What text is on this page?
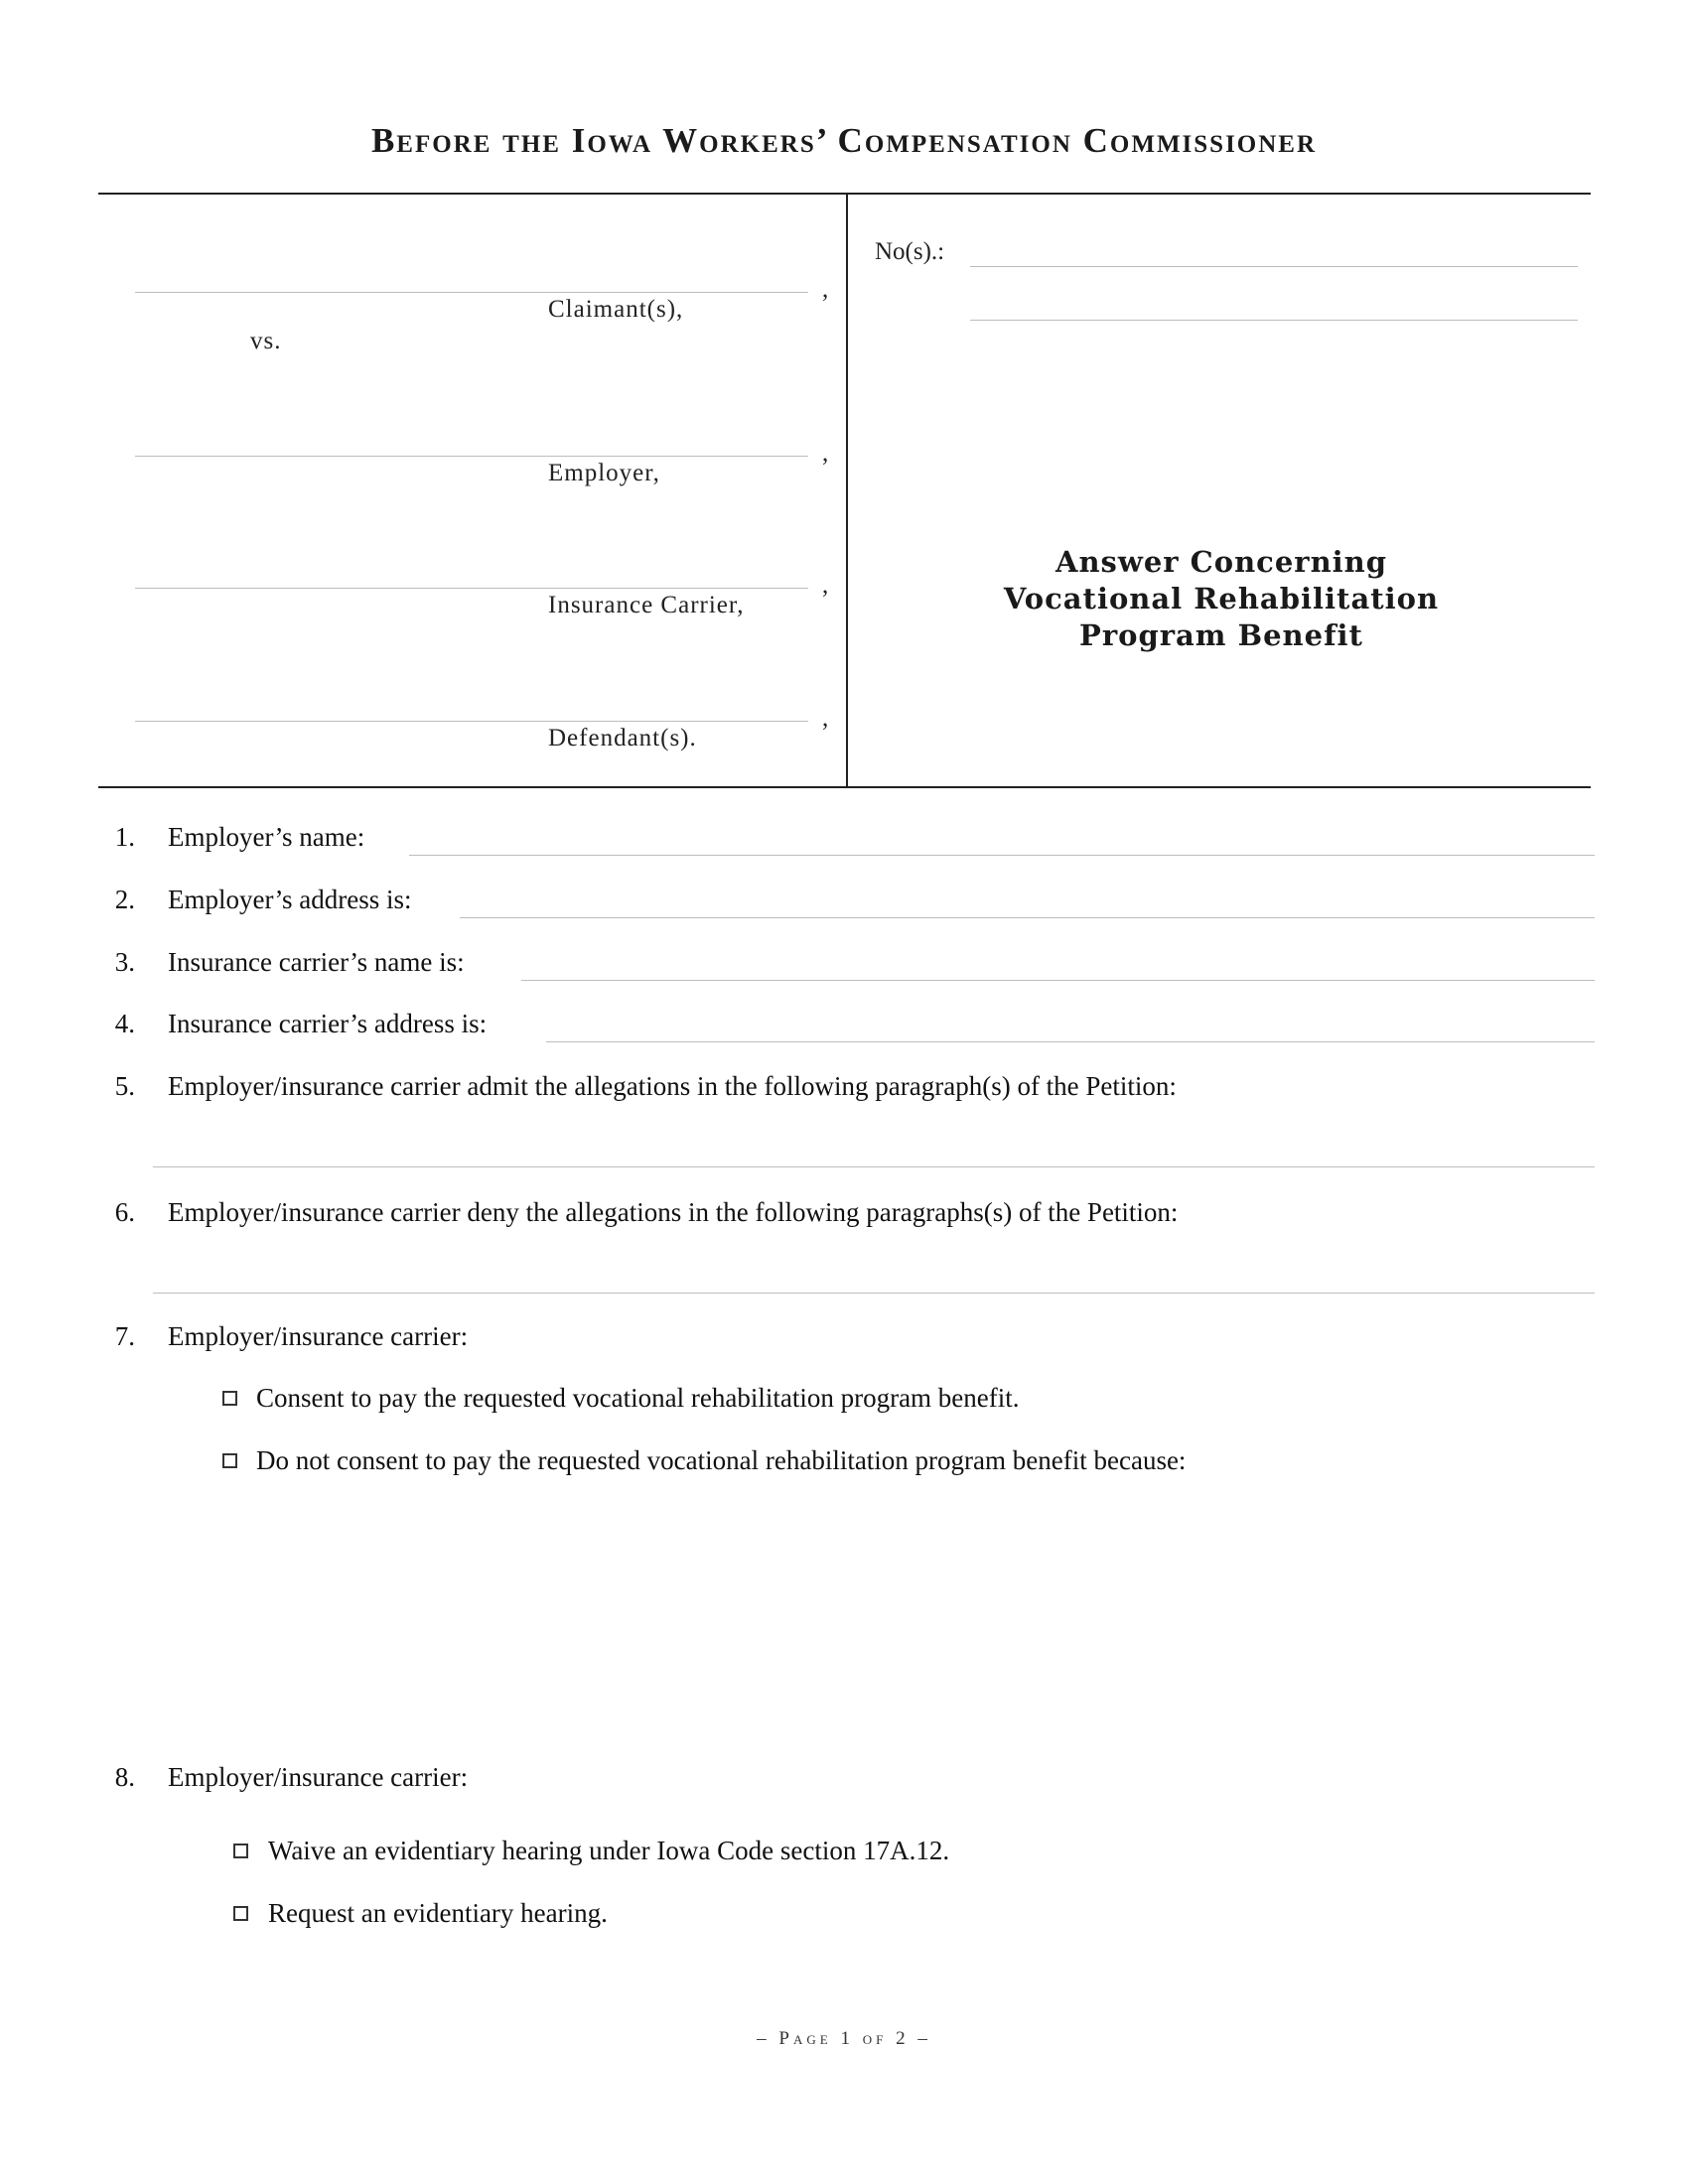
Before the Iowa Workers’ Compensation Commissioner
,
Claimant(s),
vs.
,
Employer,
,
Insurance Carrier,
,
Defendant(s).
No(s).:
Answer Concerning
Vocational Rehabilitation
Program Benefit
1. Employer’s name:
2. Employer’s address is:
3. Insurance carrier’s name is:
4. Insurance carrier’s address is:
5. Employer/insurance carrier admit the allegations in the following paragraph(s) of the Petition:
6. Employer/insurance carrier deny the allegations in the following paragraphs(s) of the Petition:
7. Employer/insurance carrier:
Consent to pay the requested vocational rehabilitation program benefit.
Do not consent to pay the requested vocational rehabilitation program benefit because:
8. Employer/insurance carrier:
Waive an evidentiary hearing under Iowa Code section 17A.12.
Request an evidentiary hearing.
– Page 1 of 2 –
